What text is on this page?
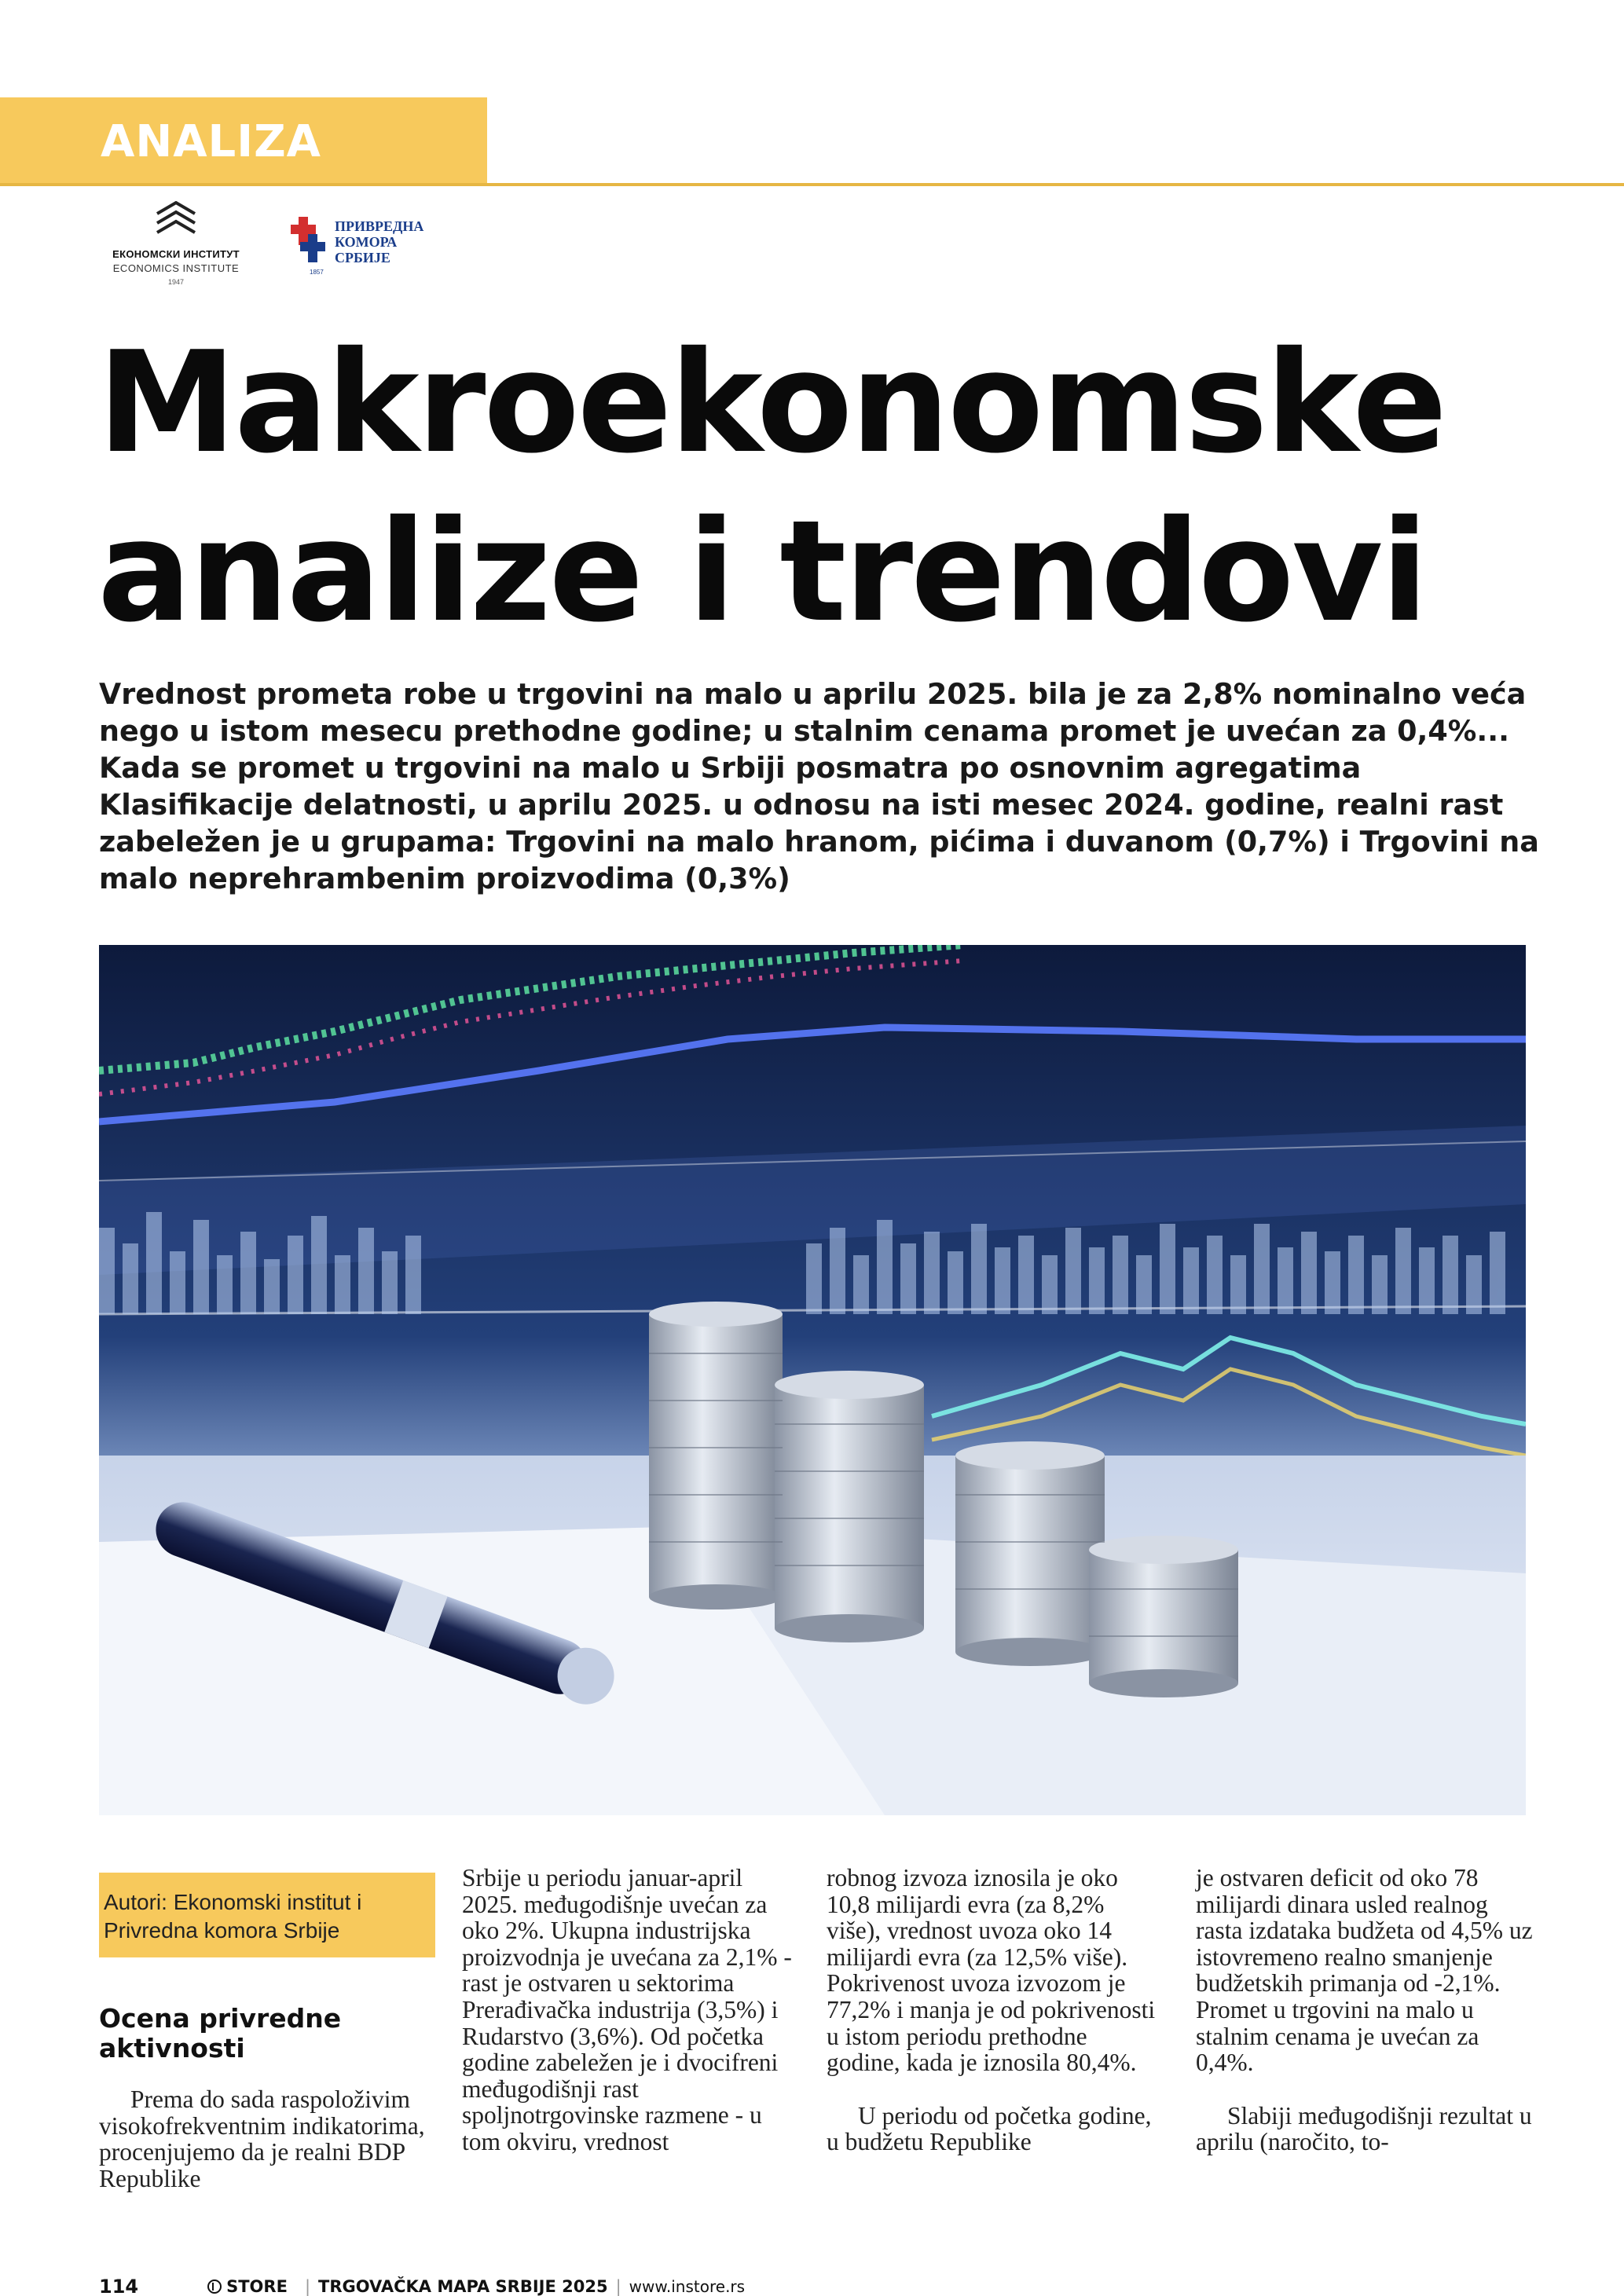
ANALIZA
ЕКОНОМСКИ ИНСТИТУТ
ECONOMICS INSTITUTE
1947
ПРИВРЕДНА
КОМОРА
СРБИЈЕ
1857
Makroekonomske
analize i trendovi

Vrednost prometa robe u trgovini na malo u aprilu 2025. bila je za 2,8% nominalno veća nego u istom mesecu prethodne godine; u stalnim cenama promet je uvećan za 0,4%... Kada se promet u trgovini na malo u Srbiji posmatra po osnovnim agregatima Klasifikacije delatnosti, u aprilu 2025. u odnosu na isti mesec 2024. godine, realni rast zabeležen je u grupama: Trgovini na malo hranom, pićima i duvanom (0,7%) i Trgovini na malo neprehrambenim proizvodima (0,3%)

Autori: Ekonomski institut i Privredna komora Srbije
Ocena privredne aktivnosti

Prema do sada raspoloživim visokofrekventnim indikatorima, procenjujemo da je realni BDP Republike

Srbije u periodu januar-april 2025. međugodišnje uvećan za oko 2%. Ukupna industrijska proizvodnja je uvećana za 2,1% - rast je ostvaren u sektorima Prerađivačka industrija (3,5%) i Rudarstvo (3,6%). Od početka godine zabeležen je i dvocifreni međugodišnji rast spoljnotrgovinske razmene - u tom okviru, vrednost

robnog izvoza iznosila je oko 10,8 milijardi evra (za 8,2% više), vrednost uvoza oko 14 milijardi evra (za 12,5% više). Pokrivenost uvoza izvozom je 77,2% i manja je od pokrivenosti u istom periodu prethodne godine, kada je iznosila 80,4%.

U periodu od početka godine, u budžetu Republike

je ostvaren deficit od oko 78 milijardi dinara usled realnog rasta izdataka budžeta od 4,5% uz istovremeno realno smanjenje budžetskih primanja od -2,1%. Promet u trgovini na malo u stalnim cenama je uvećan za 0,4%.

Slabiji međugodišnji rezultat u aprilu (naročito, to-

114	STORE | TRGOVAČKA MAPA SRBIJE 2025 | www.instore.rs
